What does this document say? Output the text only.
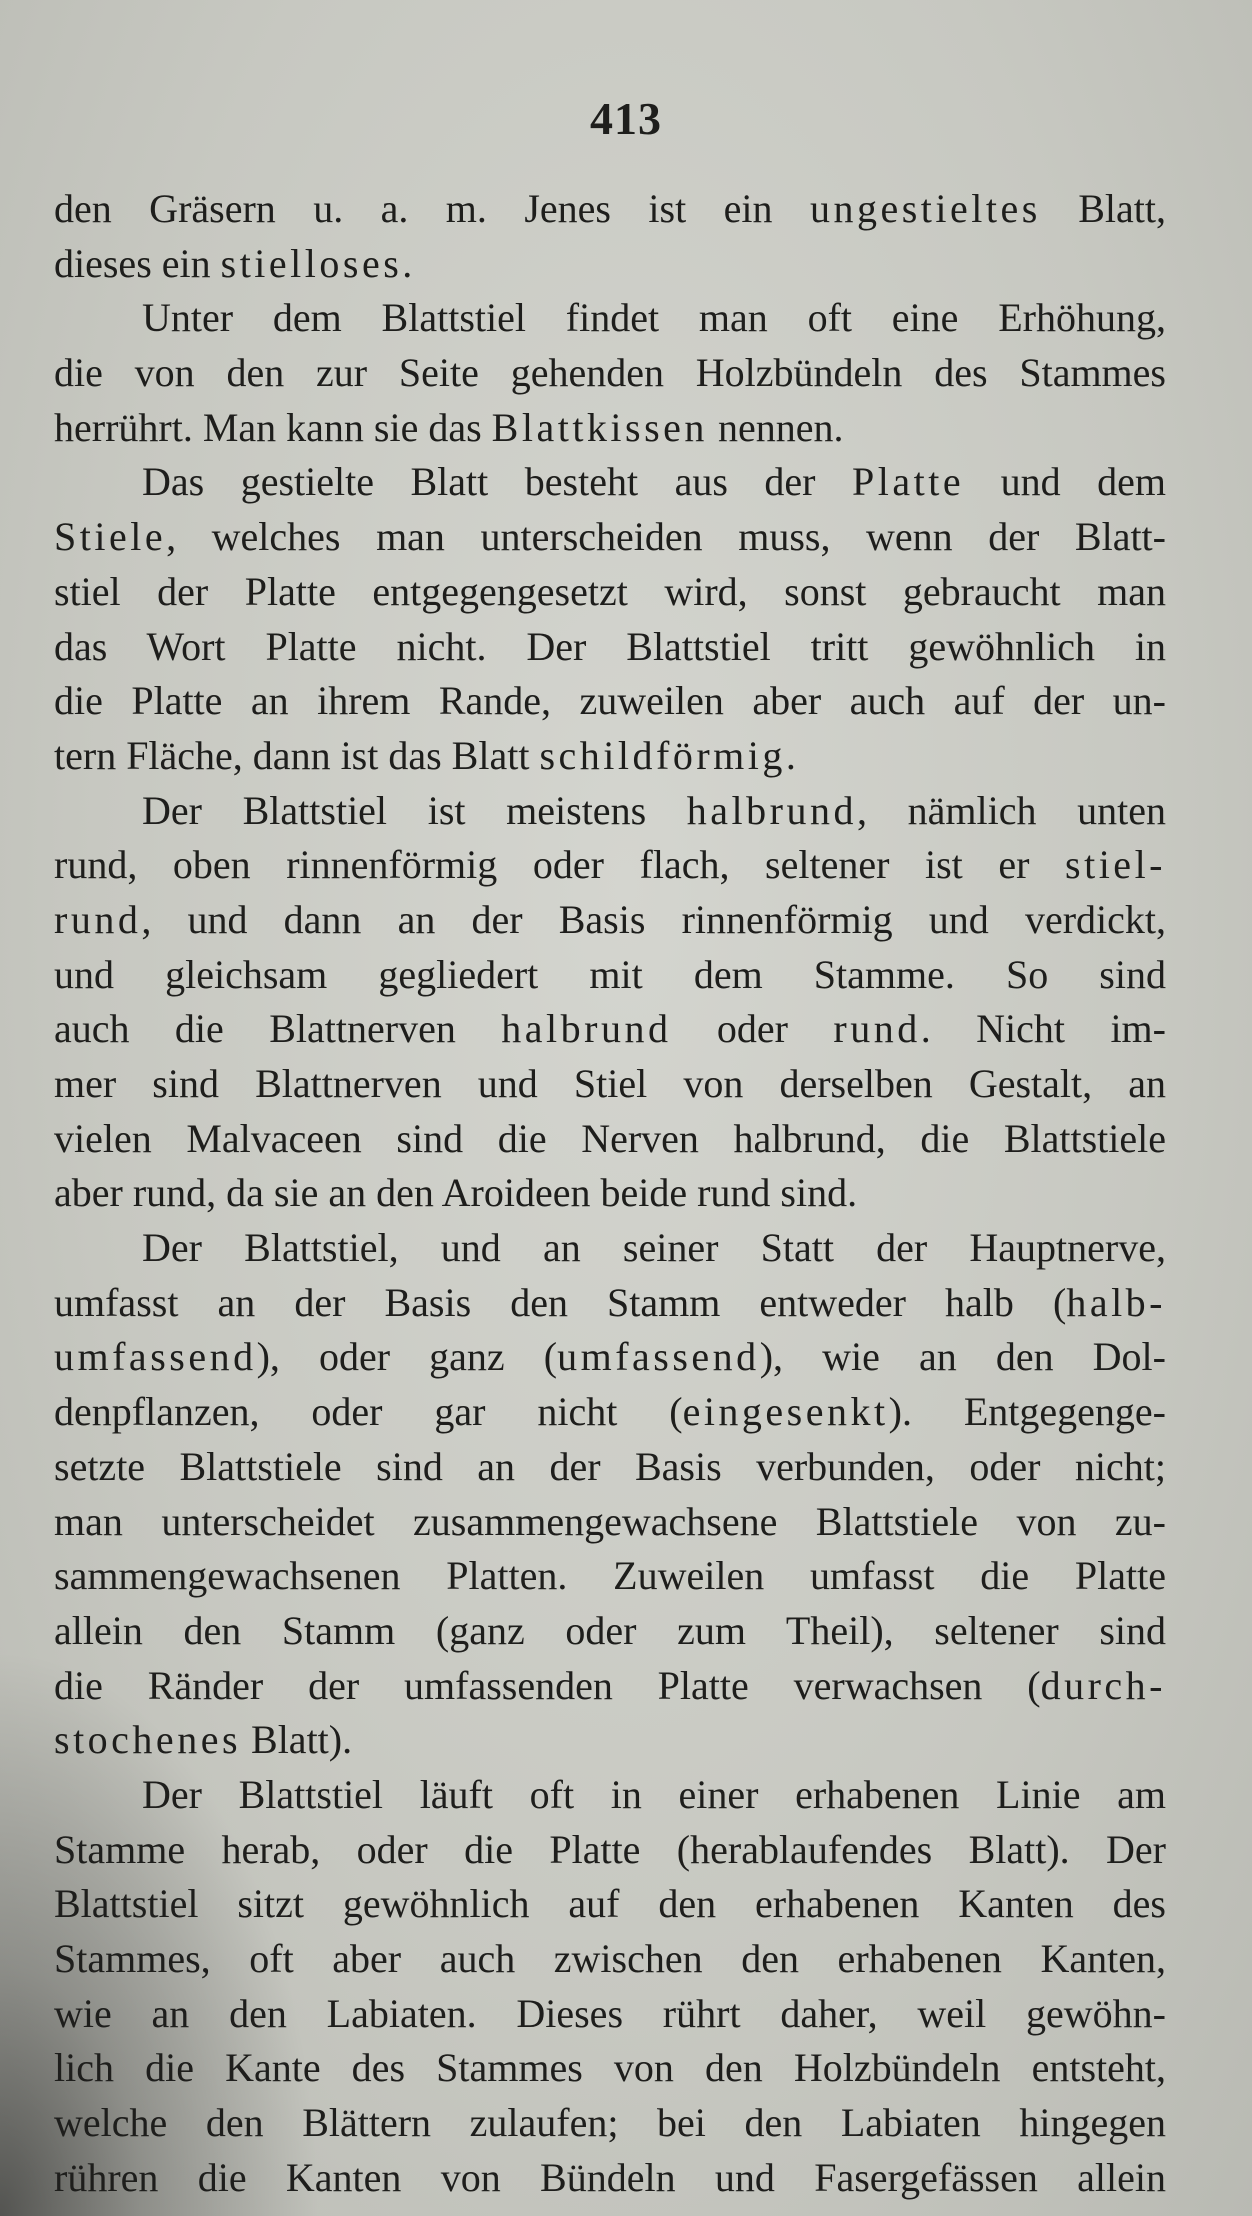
413
den Gräsern u. a. m. Jenes ist ein ungestieltes Blatt,
dieses ein stielloses.
Unter dem Blattstiel findet man oft eine Erhöhung,
die von den zur Seite gehenden Holzbündeln des Stammes
herrührt. Man kann sie das Blattkissen nennen.
Das gestielte Blatt besteht aus der Platte und dem
Stiele, welches man unterscheiden muss, wenn der Blatt-
stiel der Platte entgegengesetzt wird, sonst gebraucht man
das Wort Platte nicht. Der Blattstiel tritt gewöhnlich in
die Platte an ihrem Rande, zuweilen aber auch auf der un-
tern Fläche, dann ist das Blatt schildförmig.
Der Blattstiel ist meistens halbrund, nämlich unten
rund, oben rinnenförmig oder flach, seltener ist er stiel-
rund, und dann an der Basis rinnenförmig und verdickt,
und gleichsam gegliedert mit dem Stamme. So sind
auch die Blattnerven halbrund oder rund. Nicht im-
mer sind Blattnerven und Stiel von derselben Gestalt, an
vielen Malvaceen sind die Nerven halbrund, die Blattstiele
aber rund, da sie an den Aroideen beide rund sind.
Der Blattstiel, und an seiner Statt der Hauptnerve,
umfasst an der Basis den Stamm entweder halb (halb-
umfassend), oder ganz (umfassend), wie an den Dol-
denpflanzen, oder gar nicht (eingesenkt). Entgegenge-
setzte Blattstiele sind an der Basis verbunden, oder nicht;
man unterscheidet zusammengewachsene Blattstiele von zu-
sammengewachsenen Platten. Zuweilen umfasst die Platte
allein den Stamm (ganz oder zum Theil), seltener sind
die Ränder der umfassenden Platte verwachsen (durch-
stochenes Blatt).
Der Blattstiel läuft oft in einer erhabenen Linie am
Stamme herab, oder die Platte (herablaufendes Blatt). Der
Blattstiel sitzt gewöhnlich auf den erhabenen Kanten des
Stammes, oft aber auch zwischen den erhabenen Kanten,
wie an den Labiaten. Dieses rührt daher, weil gewöhn-
lich die Kante des Stammes von den Holzbündeln entsteht,
welche den Blättern zulaufen; bei den Labiaten hingegen
rühren die Kanten von Bündeln und Fasergefässen allein
